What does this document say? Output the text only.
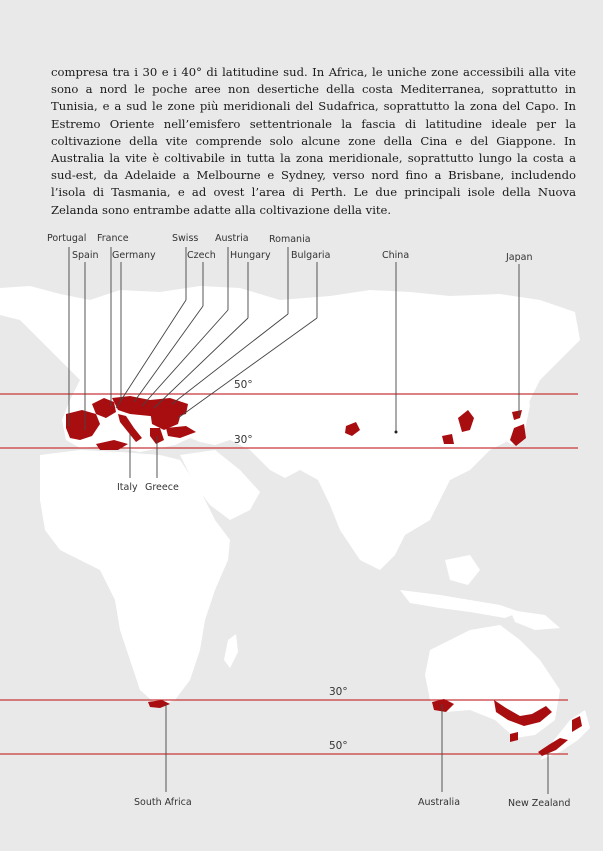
compresa tra i 30 e i 40° di latitudine sud. In Africa, le uniche zone accessibili alla vite sono a nord le poche aree non desertiche della costa Mediterranea, soprattutto in Tunisia, e a sud le zone più meridionali del Sudafrica, soprattutto la zona del Capo. In Estremo Oriente nell’emisfero settentrionale la fascia di latitudine ideale per la coltivazione della vite comprende solo alcune zone della Cina e del Giappone. In Australia la vite è coltivabile in tutta la zona meridionale, soprattutto lungo la costa a sud-est, da Adelaide a Melbourne e Sydney, verso nord fino a Brisbane, includendo l’isola di Tasmania, e ad ovest l’area di Perth. Le due principali isole della Nuova Zelanda sono entrambe adatte alla coltivazione della vite.

50°
30°
30°
50°
Portugal France
Spain Germany
Swiss Austria Romania
Czech Hungary Bulgaria	China	Japan
Italy Greece
South Africa	Australia	New Zealand
